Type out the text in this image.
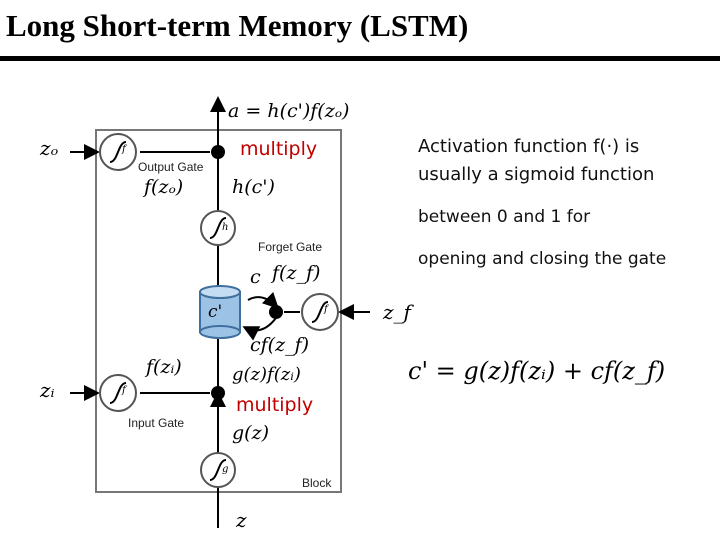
Long Short-term Memory (LSTM)
a = h(c')f(zₒ)
zₒ
zᵢ
z_f
z
Output Gate
Input Gate
Forget Gate
Block
f(zₒ)	h(c')
c f(z_f)
c'
cf(z_f)
f(zᵢ)	g(z)f(zᵢ)
g(z)
f
f
f
h
g
multiply
multiply
Activation function f(·) is
usually a sigmoid function
between 0 and 1 for
opening and closing the gate
c' = g(z)f(zᵢ) + cf(z_f)
